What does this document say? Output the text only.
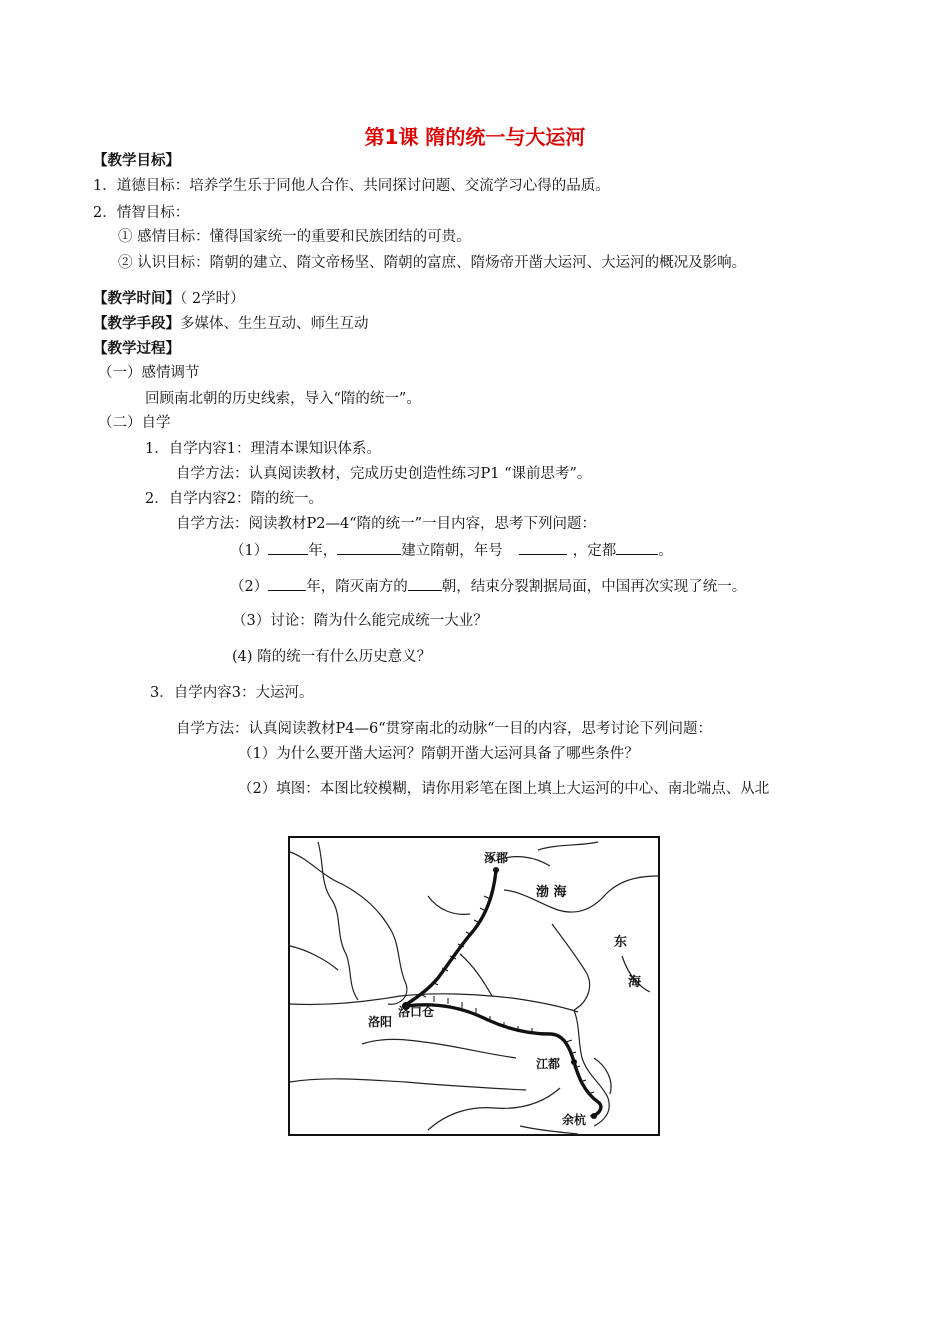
第1课 隋的统一与大运河
【教学目标】
1．道德目标：培养学生乐于同他人合作、共同探讨问题、交流学习心得的品质。
2．情智目标：
① 感情目标：懂得国家统一的重要和民族团结的可贵。
② 认识目标：隋朝的建立、隋文帝杨坚、隋朝的富庶、隋炀帝开凿大运河、大运河的概况及影响。
【教学时间】（ 2学时）
【教学手段】多媒体、生生互动、师生互动
【教学过程】
（一）感情调节
回顾南北朝的历史线索，导入“隋的统一”。
（二）自学
1．自学内容1：理清本课知识体系。
自学方法：认真阅读教材，完成历史创造性练习P1 “课前思考”。
2．自学内容2：隋的统一。
自学方法：阅读教材P2—4“隋的统一”一目内容，思考下列问题：
（1）	年，	建立隋朝，年号	，定都	。
（2）	年，隋灭南方的 朝，结束分裂割据局面，中国再次实现了统一。
（3）讨论：隋为什么能完成统一大业？
(4) 隋的统一有什么历史意义？
3．自学内容3：大运河。
自学方法：认真阅读教材P4—6“贯穿南北的动脉“一目的内容，思考讨论下列问题：
（1）为什么要开凿大运河？隋朝开凿大运河具备了哪些条件？
（2）填图：本图比较模糊，请你用彩笔在图上填上大运河的中心、南北端点、从北
涿郡
渤 海
东
海
洛口仓
洛阳
江都
余杭
